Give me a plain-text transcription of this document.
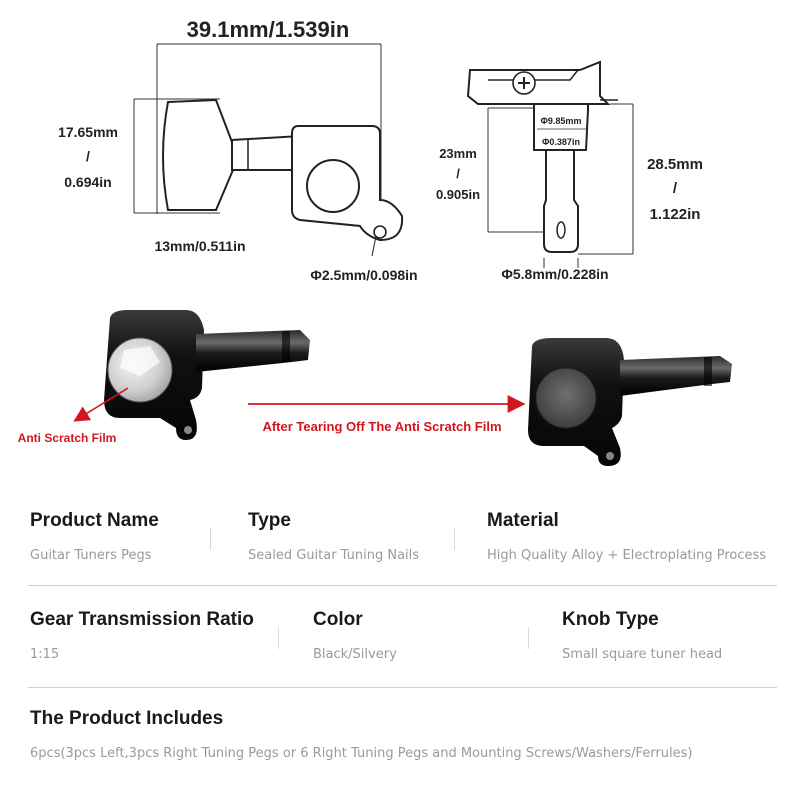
39.1mm/1.539in
17.65mm
/
0.694in
13mm/0.511in
Φ2.5mm/0.098in
Φ9.85mm
Φ0.387in
23mm
/
0.905in
28.5mm
/
1.122in
Φ5.8mm/0.228in
Anti Scratch Film
After Tearing Off The Anti Scratch Film
Product Name
Guitar Tuners Pegs
Type
Sealed Guitar Tuning Nails
Material
High Quality Alloy + Electroplating Process
Gear Transmission Ratio
1:15
Color
Black/Silvery
Knob Type
Small square tuner head
The Product Includes
6pcs(3pcs Left,3pcs Right Tuning Pegs or 6 Right Tuning Pegs and Mounting Screws/Washers/Ferrules)
